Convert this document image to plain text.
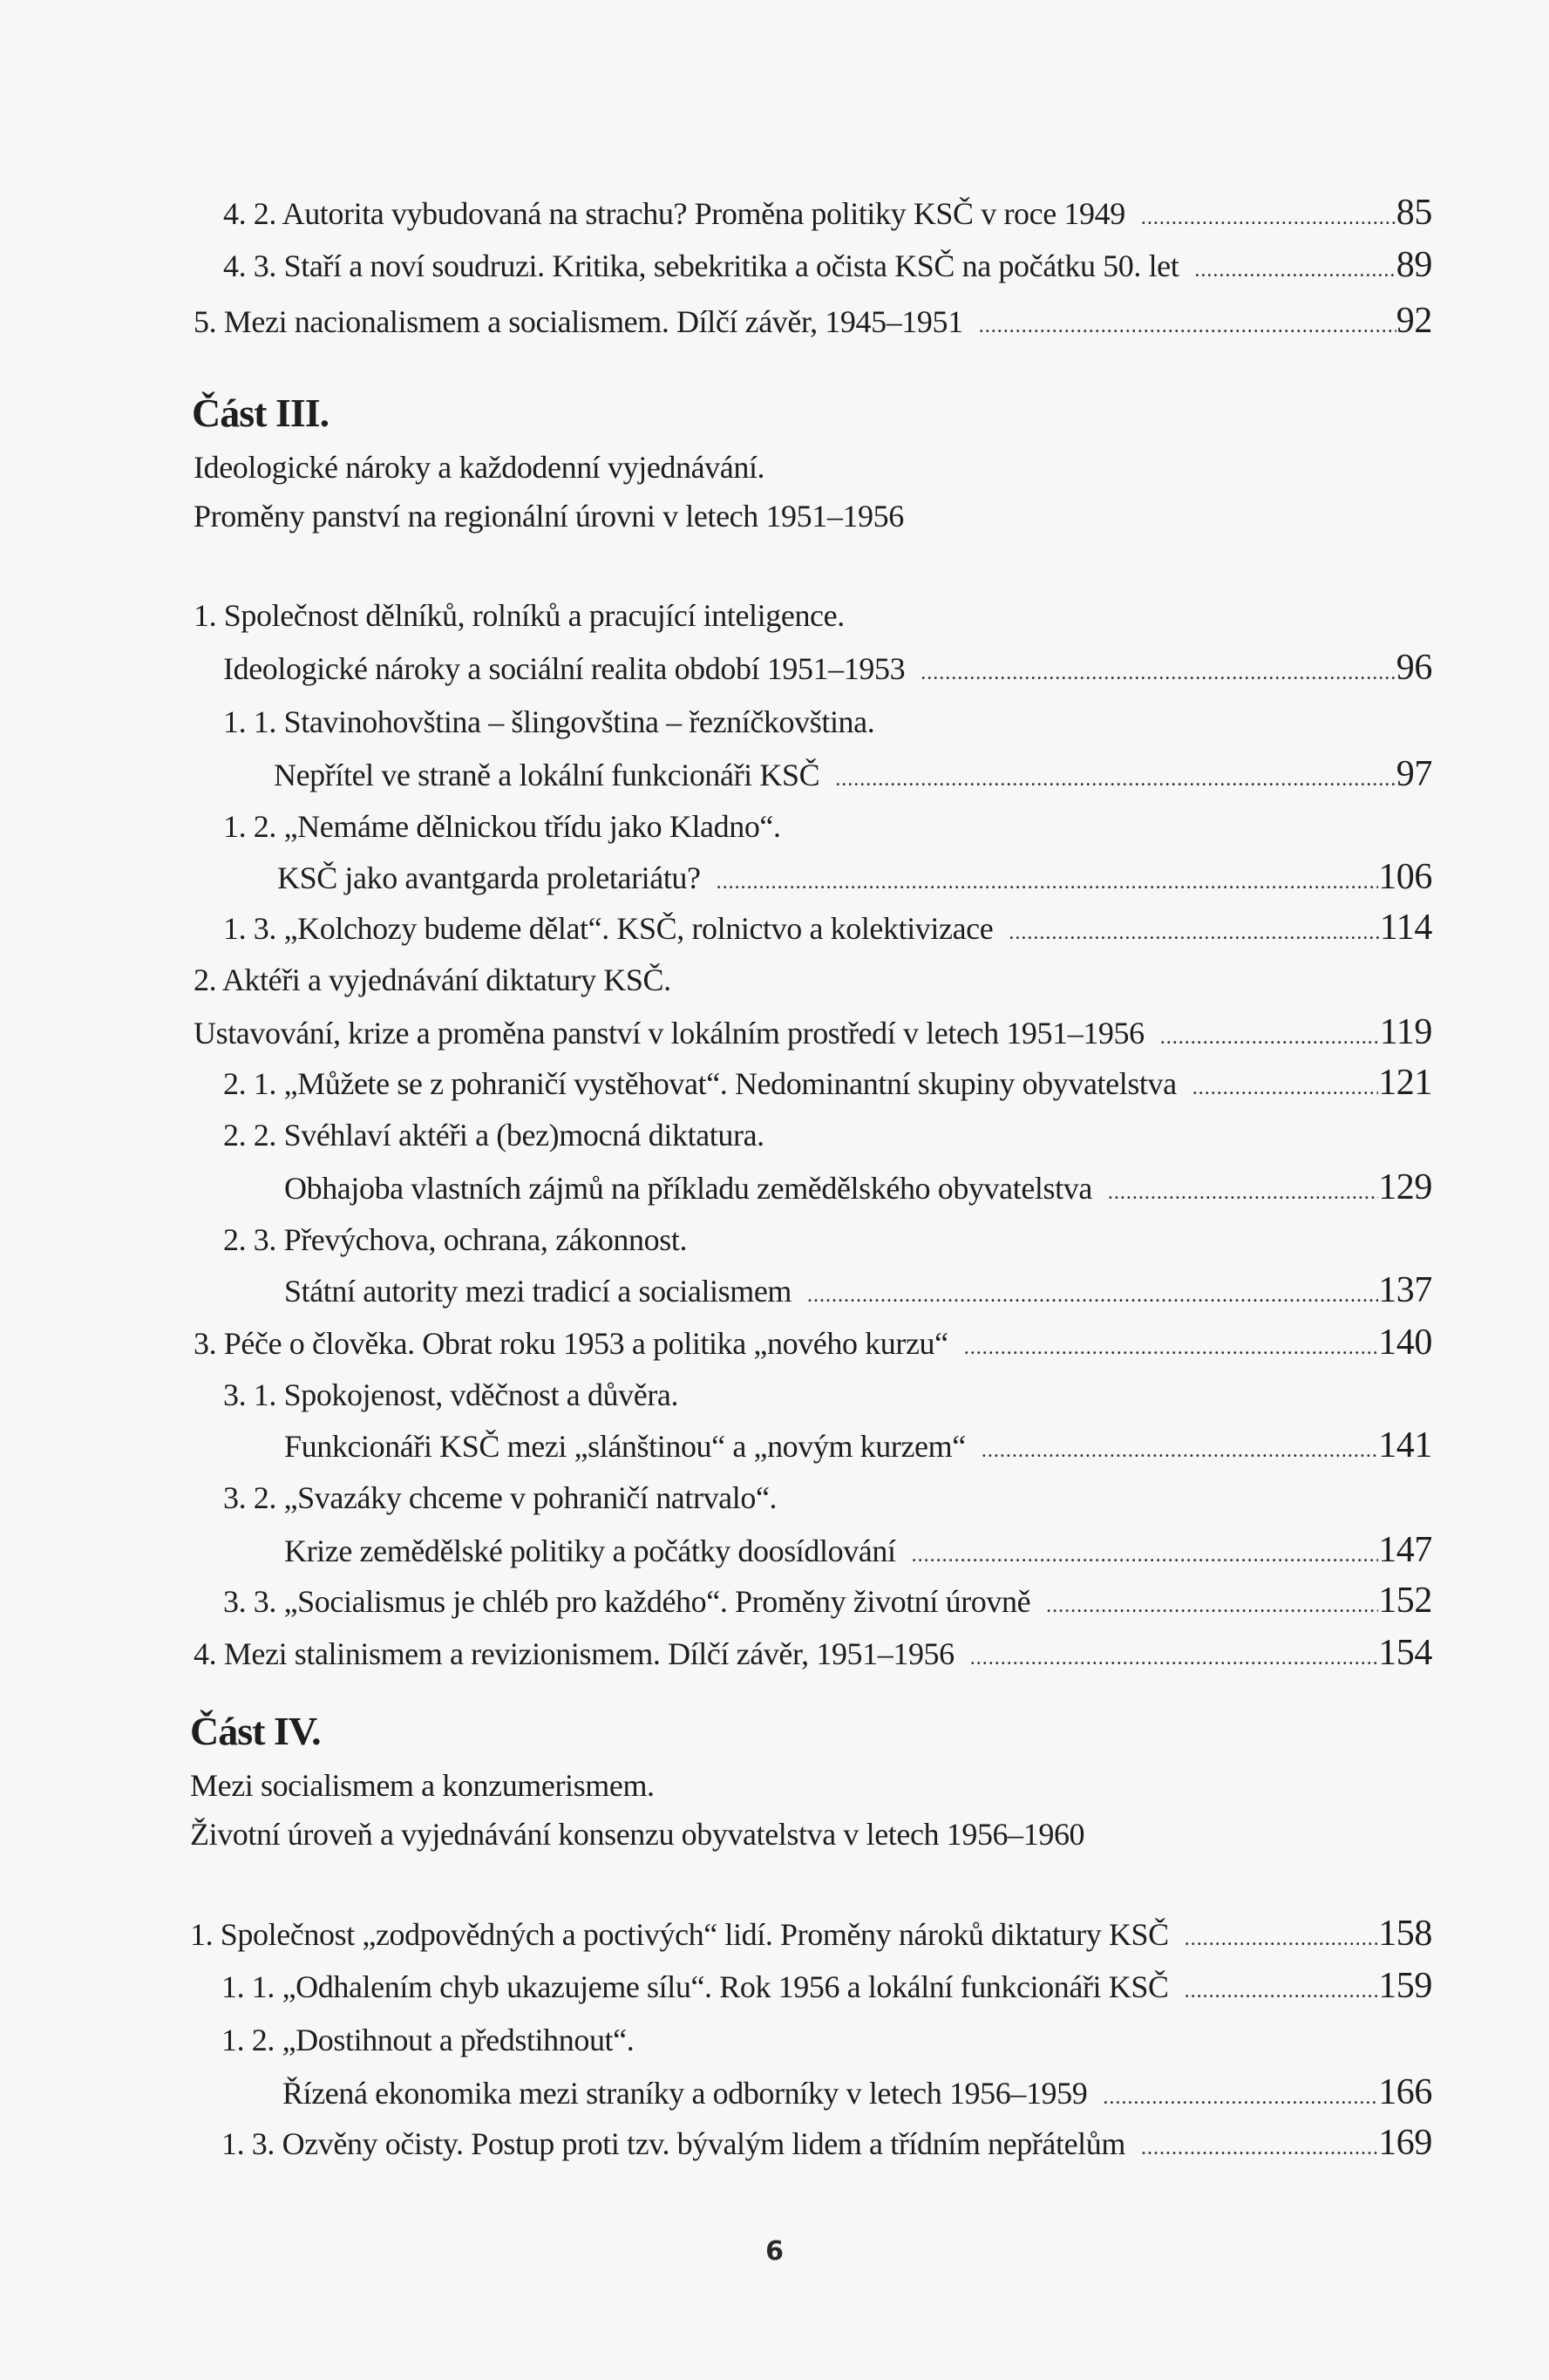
4. 2. Autorita vybudovaná na strachu? Proměna politiky KSČ v roce 1949 .....	85
4. 3. Staří a noví soudruzi. Kritika, sebekritika a očista KSČ na počátku 50. let .....	89
5. Mezi nacionalismem a socialismem. Dílčí závěr, 1945–1951 .....	92
Část III.
Ideologické nároky a každodenní vyjednávání.
Proměny panství na regionální úrovni v letech 1951–1956
1. Společnost dělníků, rolníků a pracující inteligence.
Ideologické nároky a sociální realita období 1951–1953 .....	96
1. 1. Stavinohovština – šlingovština – řezníčkovština.
Nepřítel ve straně a lokální funkcionáři KSČ .....	97
1. 2. „Nemáme dělnickou třídu jako Kladno“.
KSČ jako avantgarda proletariátu? .....	106
1. 3. „Kolchozy budeme dělat“. KSČ, rolnictvo a kolektivizace .....	114
2. Aktéři a vyjednávání diktatury KSČ.
Ustavování, krize a proměna panství v lokálním prostředí v letech 1951–1956 .....	119
2. 1. „Můžete se z pohraničí vystěhovat“. Nedominantní skupiny obyvatelstva .....	121
2. 2. Svéhlaví aktéři a (bez)mocná diktatura.
Obhajoba vlastních zájmů na příkladu zemědělského obyvatelstva .....	129
2. 3. Převýchova, ochrana, zákonnost.
Státní autority mezi tradicí a socialismem .....	137
3. Péče o člověka. Obrat roku 1953 a politika „nového kurzu“ .....	140
3. 1. Spokojenost, vděčnost a důvěra.
Funkcionáři KSČ mezi „slánštinou“ a „novým kurzem“ .....	141
3. 2. „Svazáky chceme v pohraničí natrvalo“.
Krize zemědělské politiky a počátky doosídlování .....	147
3. 3. „Socialismus je chléb pro každého“. Proměny životní úrovně .....	152
4. Mezi stalinismem a revizionismem. Dílčí závěr, 1951–1956 .....	154
Část IV.
Mezi socialismem a konzumerismem.
Životní úroveň a vyjednávání konsenzu obyvatelstva v letech 1956–1960
1. Společnost „zodpovědných a poctivých“ lidí. Proměny nároků diktatury KSČ .....	158
1. 1. „Odhalením chyb ukazujeme sílu“. Rok 1956 a lokální funkcionáři KSČ .....	159
1. 2. „Dostihnout a předstihnout“.
Řízená ekonomika mezi straníky a odborníky v letech 1956–1959 .....	166
1. 3. Ozvěny očisty. Postup proti tzv. bývalým lidem a třídním nepřátelům .....	169
6
